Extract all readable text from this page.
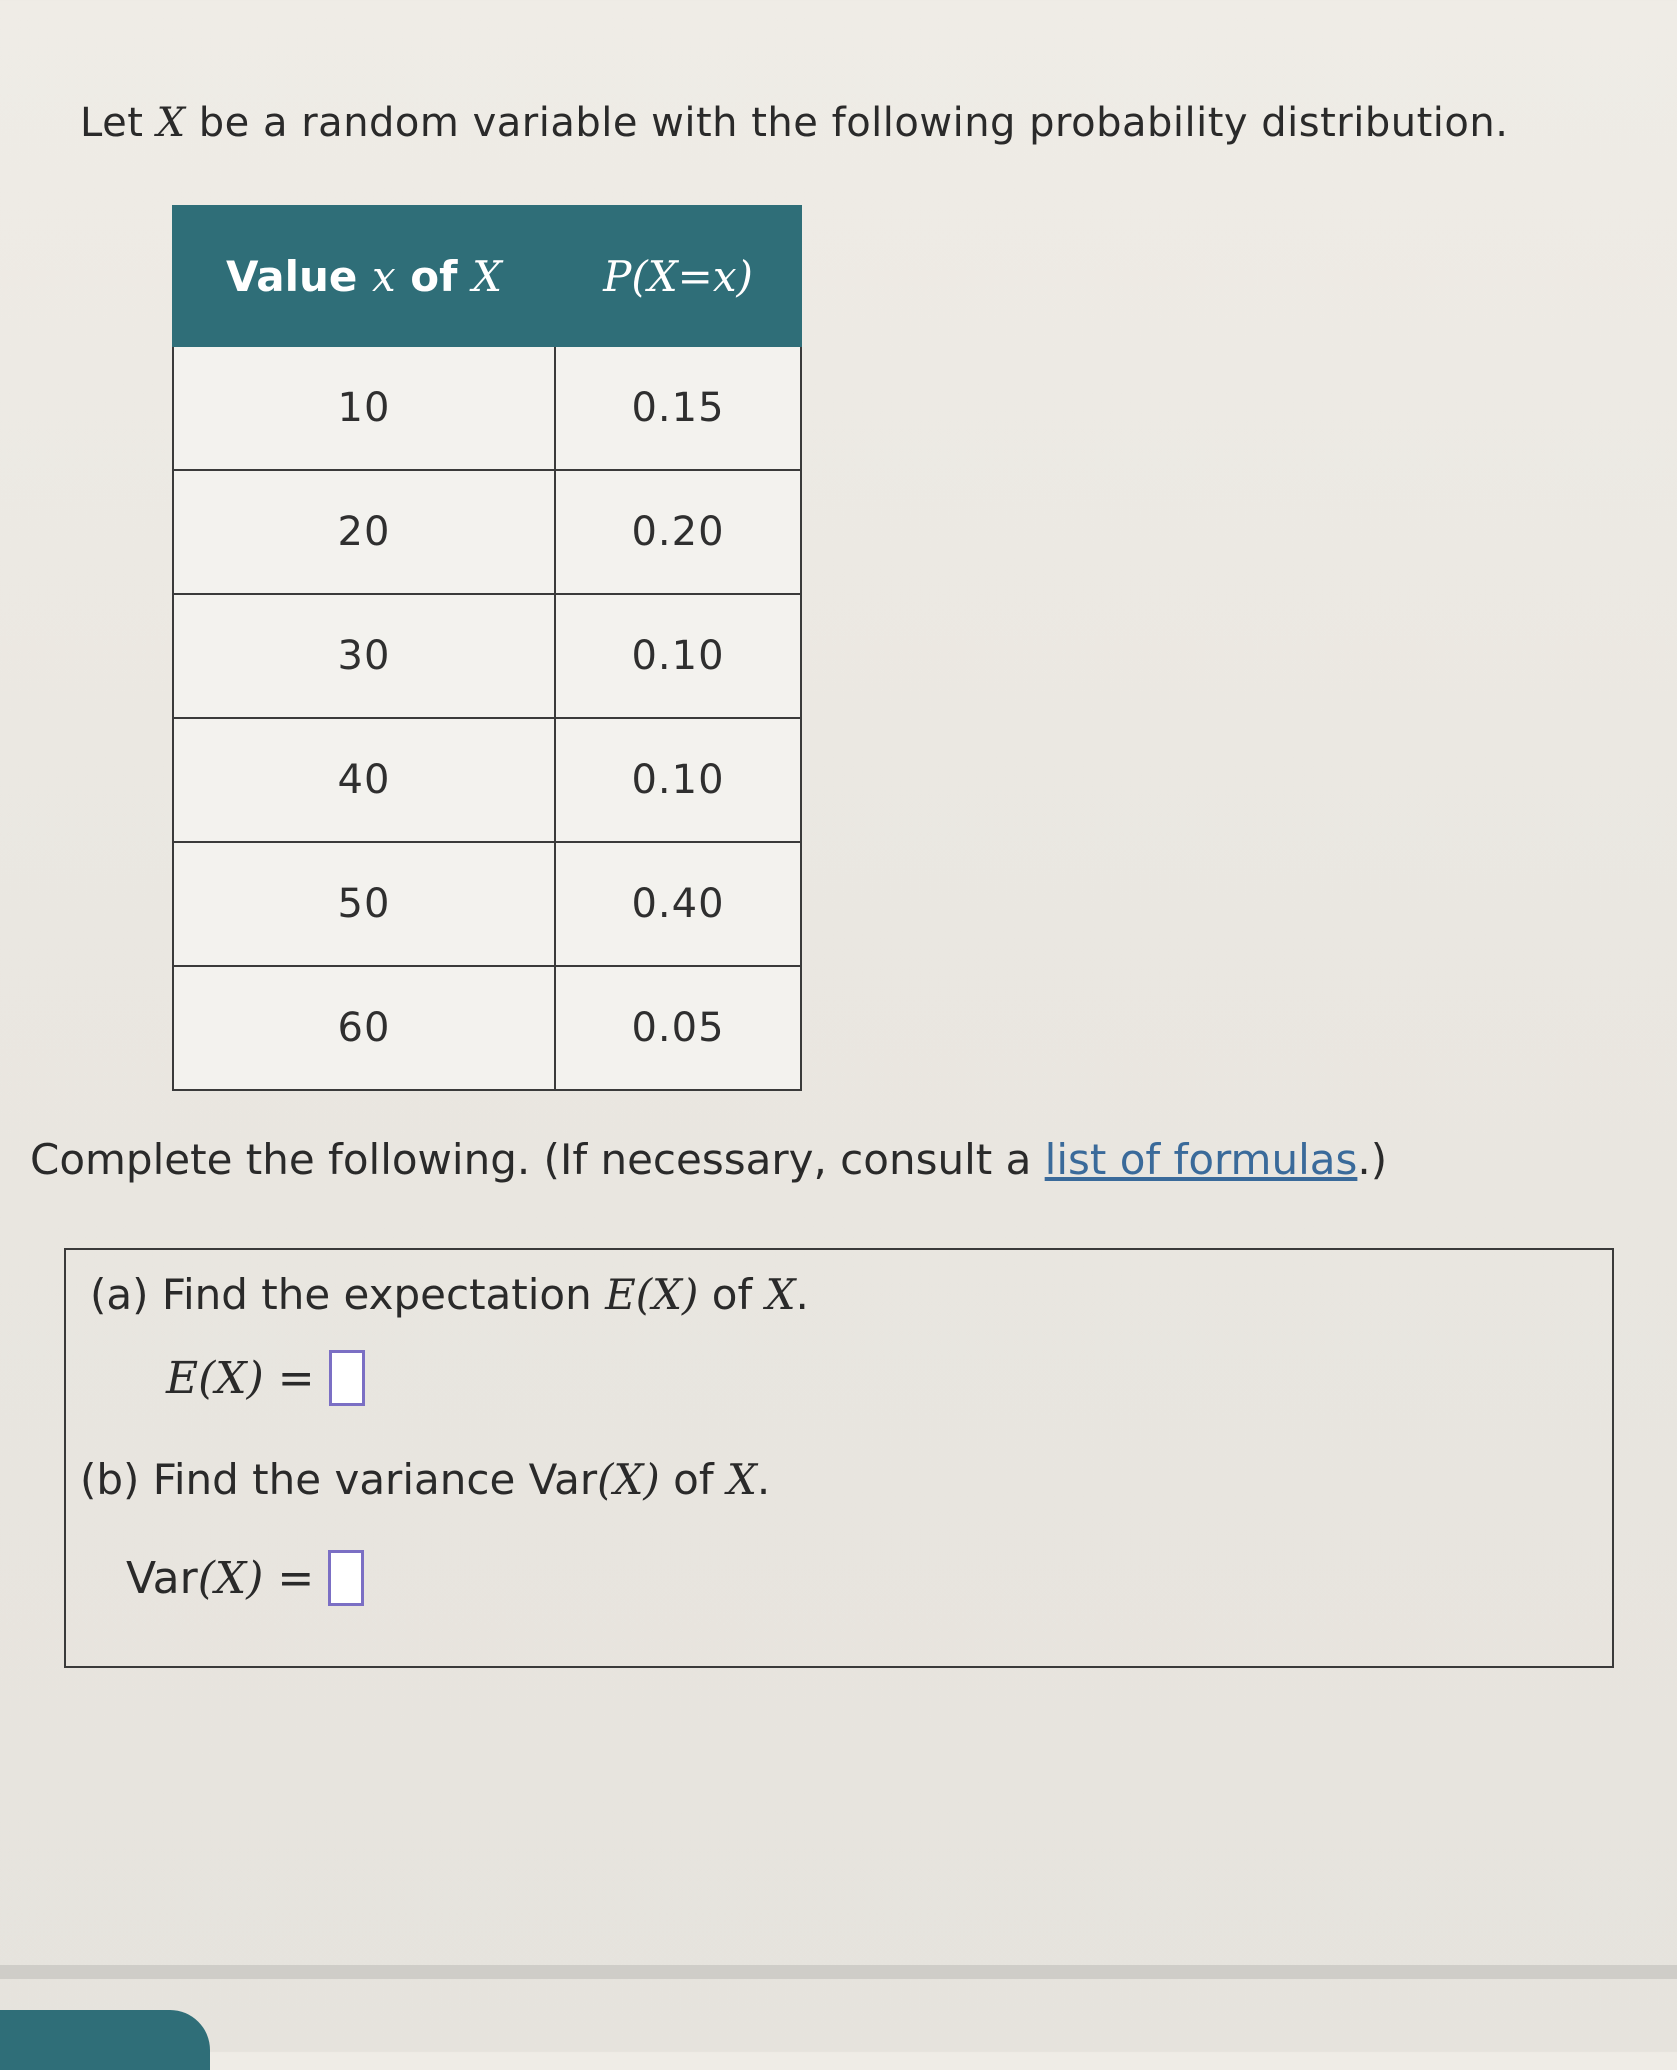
Let X be a random variable with the following probability distribution.
Value x of X	P(X=x)
10	0.15
20	0.20
30	0.10
40	0.10
50	0.40
60	0.05
Complete the following. (If necessary, consult a list of formulas.)
(a) Find the expectation E(X) of X.
E(X) =
(b) Find the variance Var(X) of X.
Var(X) =
